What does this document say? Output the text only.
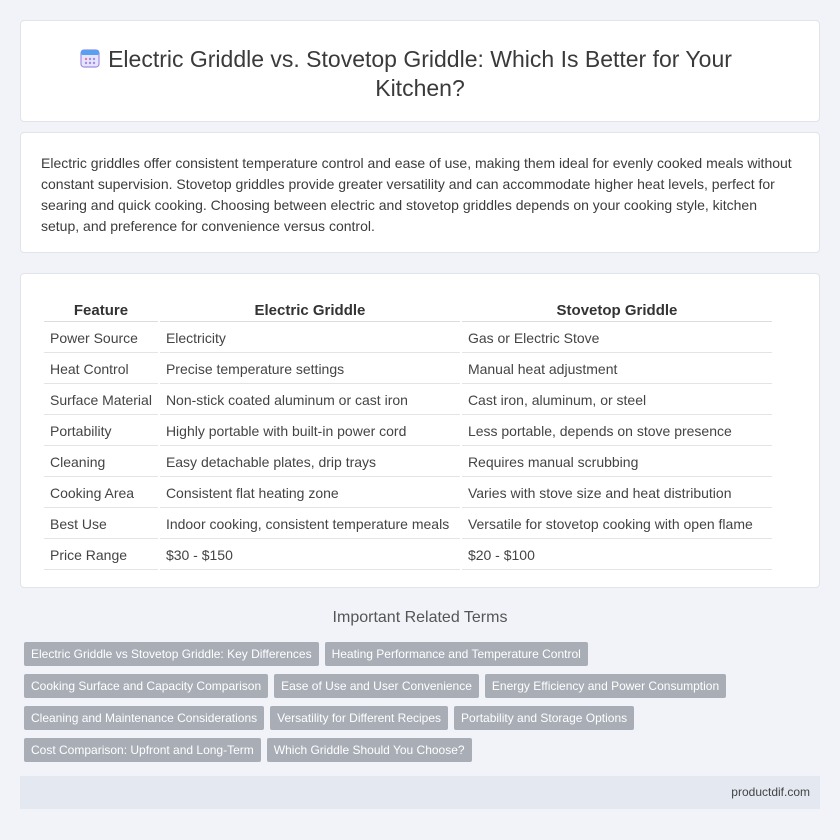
Electric Griddle vs. Stovetop Griddle: Which Is Better for Your Kitchen?

Electric griddles offer consistent temperature control and ease of use, making them ideal for evenly cooked meals without constant supervision. Stovetop griddles provide greater versatility and can accommodate higher heat levels, perfect for searing and quick cooking. Choosing between electric and stovetop griddles depends on your cooking style, kitchen setup, and preference for convenience versus control.

Feature	Electric Griddle	Stovetop Griddle
Power Source	Electricity	Gas or Electric Stove
Heat Control	Precise temperature settings	Manual heat adjustment
Surface Material	Non-stick coated aluminum or cast iron	Cast iron, aluminum, or steel
Portability	Highly portable with built-in power cord	Less portable, depends on stove presence
Cleaning	Easy detachable plates, drip trays	Requires manual scrubbing
Cooking Area	Consistent flat heating zone	Varies with stove size and heat distribution
Best Use	Indoor cooking, consistent temperature meals	Versatile for stovetop cooking with open flame
Price Range	$30 - $150	$20 - $100
Important Related Terms
Electric Griddle vs Stovetop Griddle: Key Differences	Heating Performance and Temperature Control
Cooking Surface and Capacity Comparison	Ease of Use and User Convenience	Energy Efficiency and Power Consumption
Cleaning and Maintenance Considerations	Versatility for Different Recipes	Portability and Storage Options
Cost Comparison: Upfront and Long-Term	Which Griddle Should You Choose?
productdif.com
